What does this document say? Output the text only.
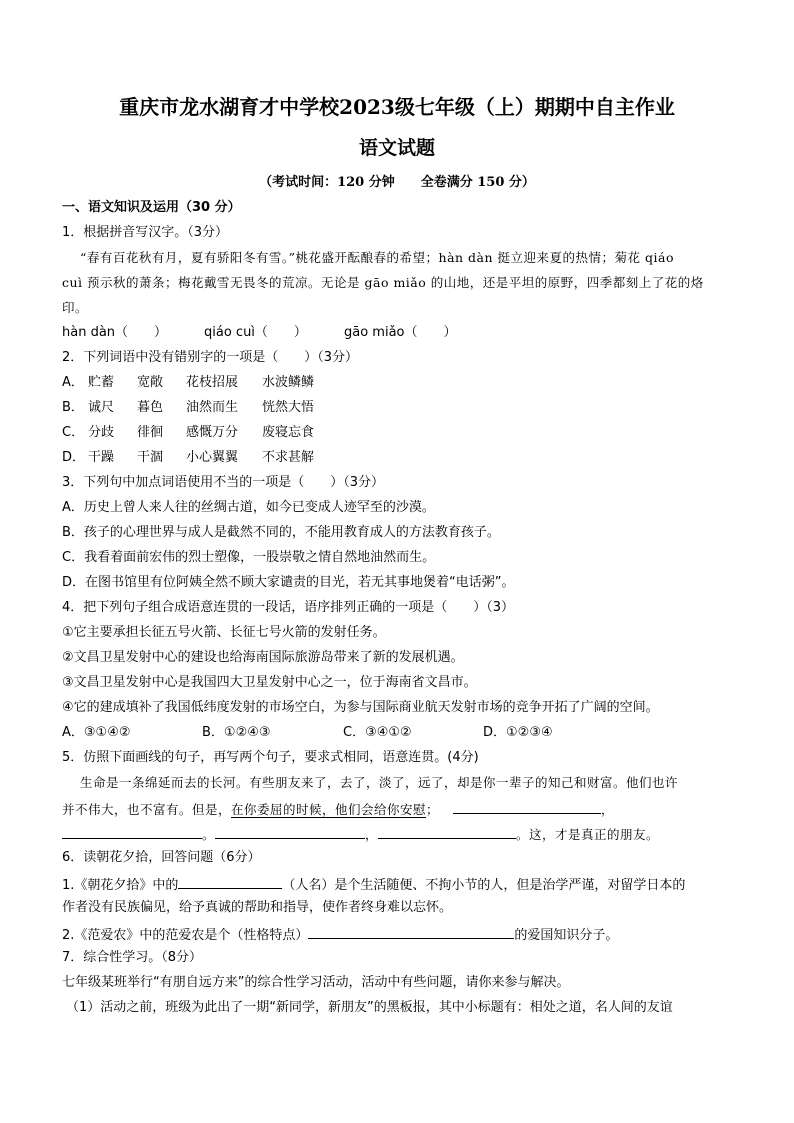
重庆市龙水湖育才中学校2023级七年级（上）期期中自主作业
语文试题
（考试时间：120 分钟　　全卷满分 150 分）
一、语文知识及运用（30 分）
1．根据拼音写汉字。（3分）
“春有百花秋有月，夏有骄阳冬有雪。”桃花盛开酝酿春的希望；hàn dàn 挺立迎来夏的热情；菊花 qiáo
cuì 预示秋的萧条；梅花戴雪无畏冬的荒凉。无论是 gāo miǎo 的山地，还是平坦的原野，四季都刻上了花的烙
印。
hàn dàn（　　）	qiáo cuì（　　）	gāo miǎo（　　）
2．下列词语中没有错别字的一项是（　　）（3分）
A． 贮蓄 宽敞 花枝招展 水波鳞鳞
B． 诚尺 暮色 油然而生 恍然大悟
C． 分歧 徘徊 感慨万分 废寝忘食
D． 干躁 干涸 小心翼翼 不求甚解
3．下列句中加点词语使用不当的一项是（　　）（3分）
A．历史上曾人来人往的丝绸古道，如今已变成人迹罕至的沙漠。
B．孩子的心理世界与成人是截然不同的，不能用教育成人的方法教育孩子。
C．我看着面前宏伟的烈士塑像，一股崇敬之情自然地油然而生。
D．在图书馆里有位阿姨全然不顾大家谴责的目光，若无其事地煲着“电话粥”。
4．把下列句子组合成语意连贯的一段话，语序排列正确的一项是（　　）（3）
①它主要承担长征五号火箭、长征七号火箭的发射任务。
②文昌卫星发射中心的建设也给海南国际旅游岛带来了新的发展机遇。
③文昌卫星发射中心是我国四大卫星发射中心之一，位于海南省文昌市。
④它的建成填补了我国低纬度发射的市场空白，为参与国际商业航天发射市场的竞争开拓了广阔的空间。
A．③①④②	B．①②④③	C．③④①②	D．①②③④
5．仿照下面画线的句子，再写两个句子，要求式相同，语意连贯。(4分)
生命是一条绵延而去的长河。有些朋友来了，去了，淡了，远了，却是你一辈子的知己和财富。他们也许
并不伟大，也不富有。但是，在你委屈的时候，他们会给你安慰；	，
。	，	。这，才是真正的朋友。
6．读朝花夕拾，回答问题（6分）
1.《朝花夕拾》中的	（人名）是个生活随便、不拘小节的人，但是治学严谨，对留学日本的
作者没有民族偏见，给予真诚的帮助和指导，使作者终身难以忘怀。
2.《范爱农》中的范爱农是个（性格特点）	的爱国知识分子。
7．综合性学习。（8分）
七年级某班举行“有朋自远方来”的综合性学习活动，活动中有些问题，请你来参与解决。
（1）活动之前，班级为此出了一期“新同学，新朋友”的黑板报，其中小标题有：相处之道，名人间的友谊
